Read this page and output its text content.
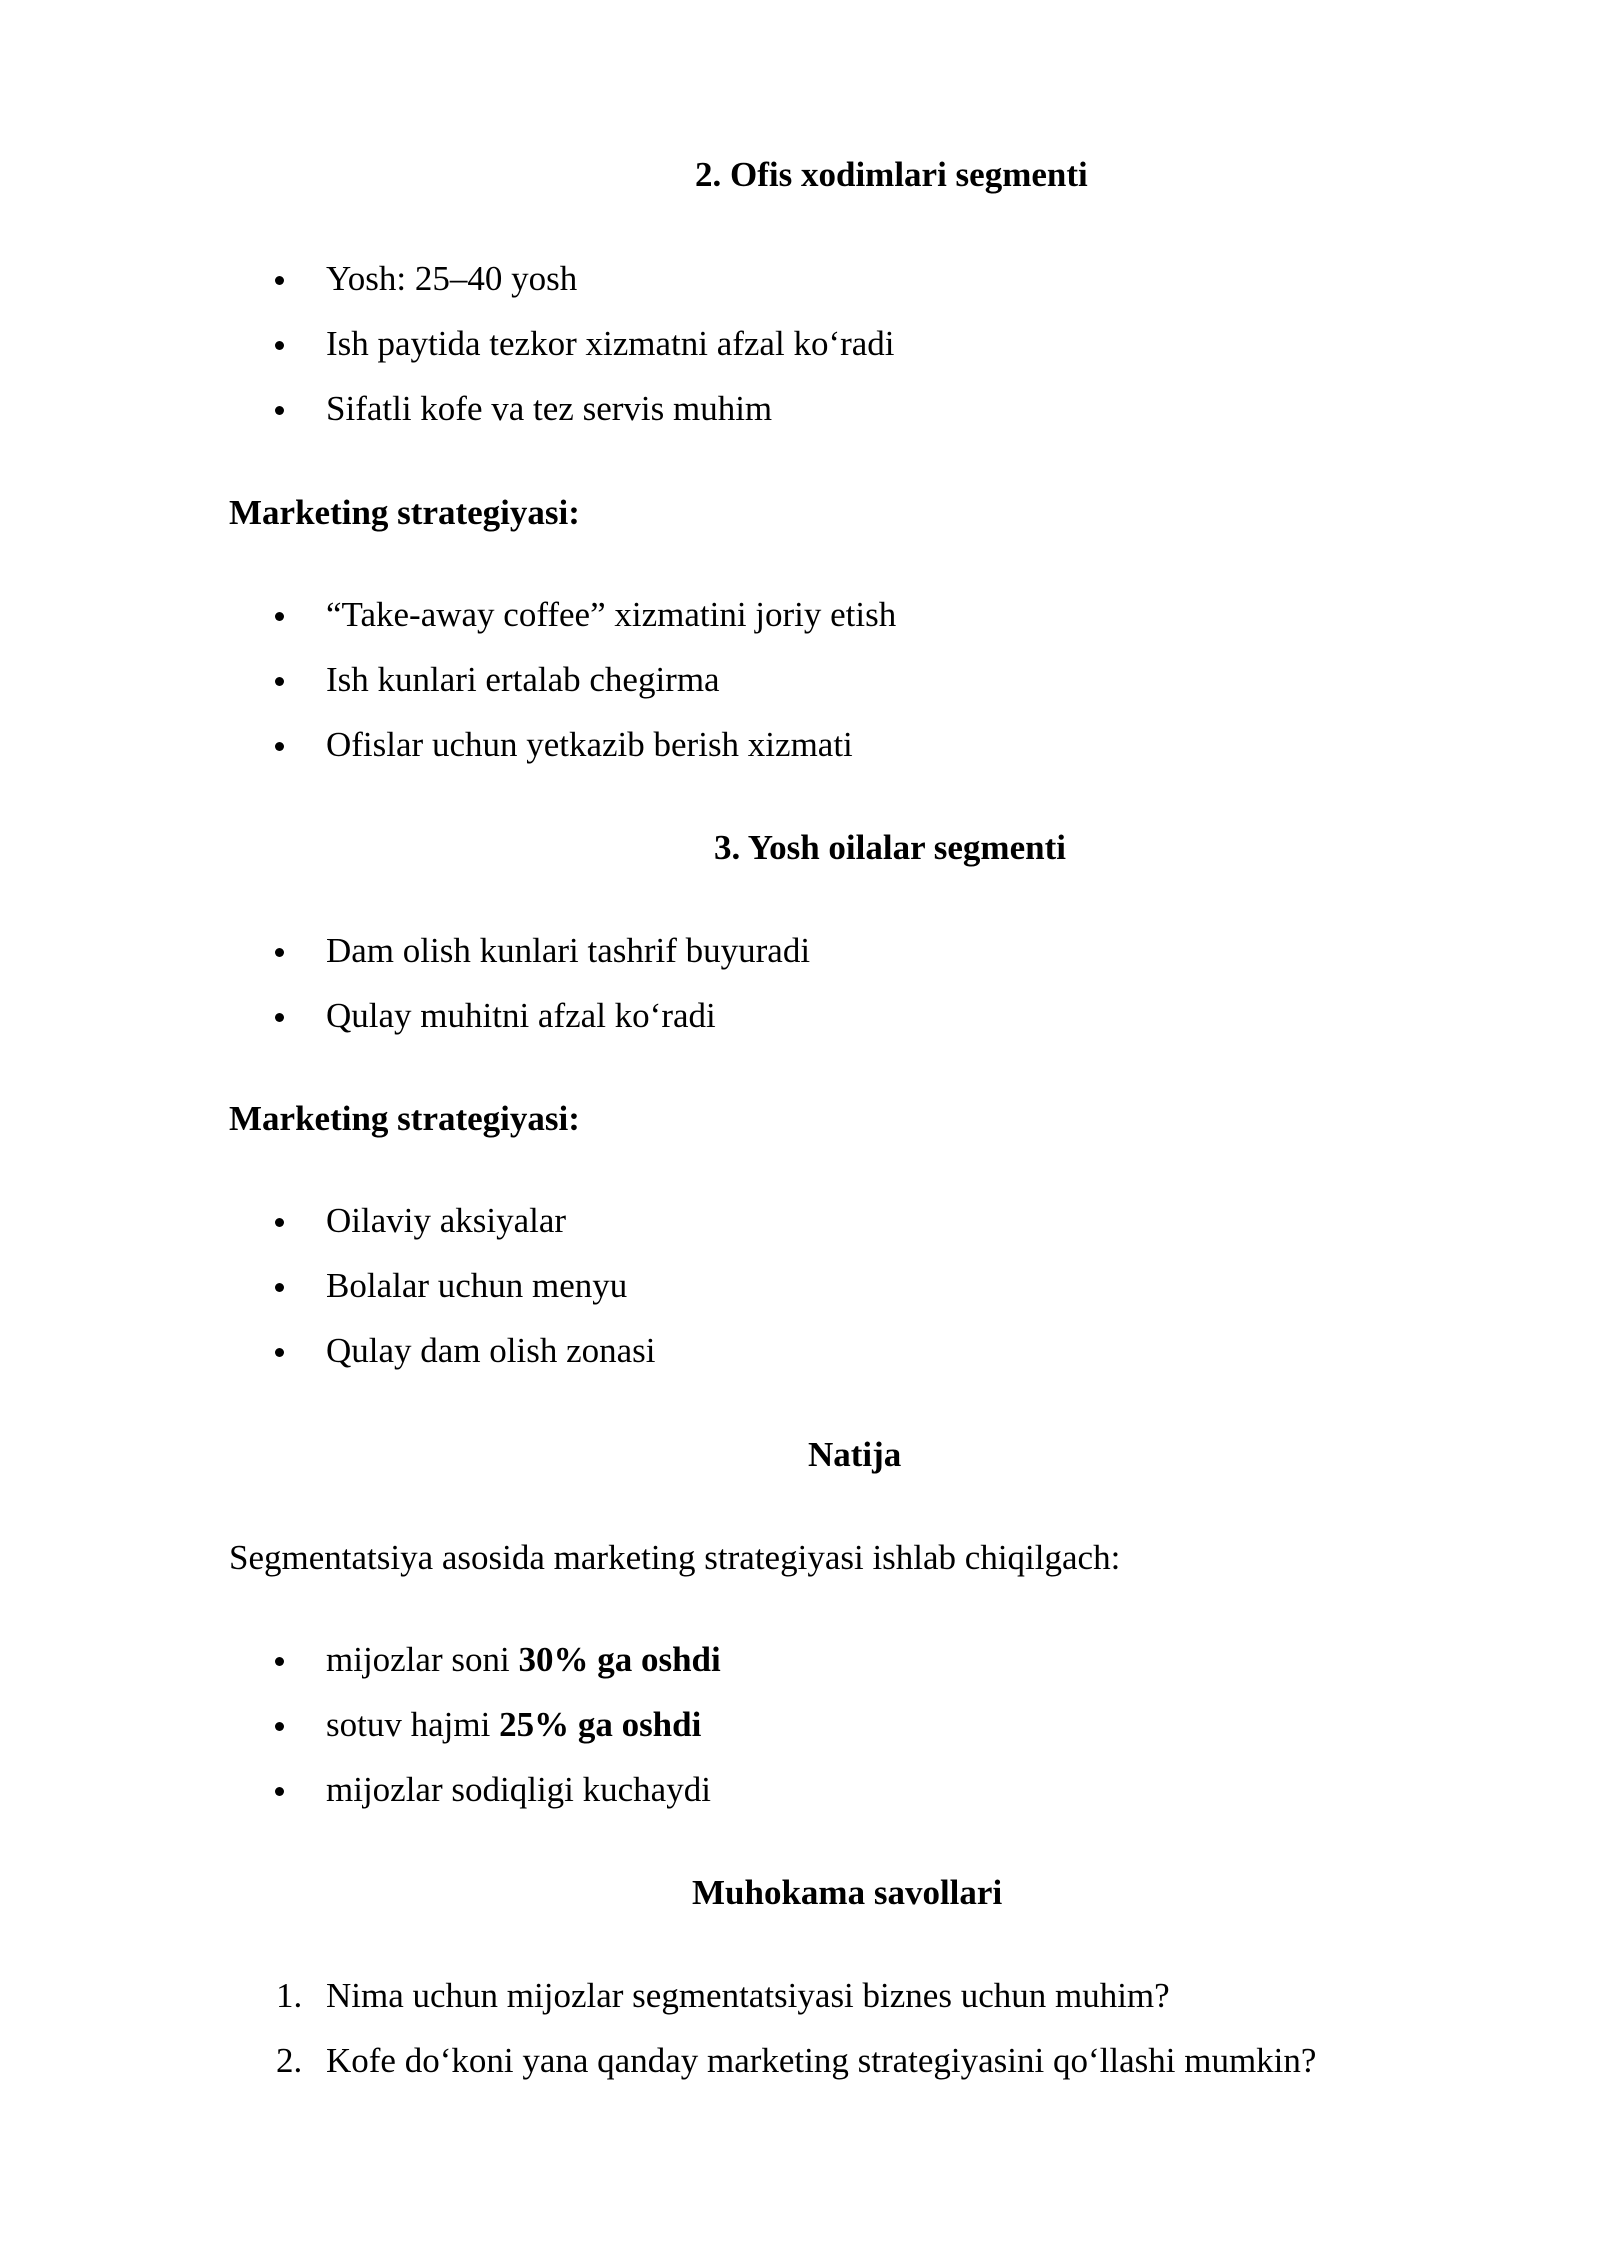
2. Ofis xodimlari segmenti
Yosh: 25–40 yosh
Ish paytida tezkor xizmatni afzal ko‘radi
Sifatli kofe va tez servis muhim
Marketing strategiyasi:
“Take-away coffee” xizmatini joriy etish
Ish kunlari ertalab chegirma
Ofislar uchun yetkazib berish xizmati
3. Yosh oilalar segmenti
Dam olish kunlari tashrif buyuradi
Qulay muhitni afzal ko‘radi
Marketing strategiyasi:
Oilaviy aksiyalar
Bolalar uchun menyu
Qulay dam olish zonasi
Natija
Segmentatsiya asosida marketing strategiyasi ishlab chiqilgach:
mijozlar soni 30% ga oshdi
sotuv hajmi 25% ga oshdi
mijozlar sodiqligi kuchaydi
Muhokama savollari
1. Nima uchun mijozlar segmentatsiyasi biznes uchun muhim?
2. Kofe do‘koni yana qanday marketing strategiyasini qo‘llashi mumkin?
